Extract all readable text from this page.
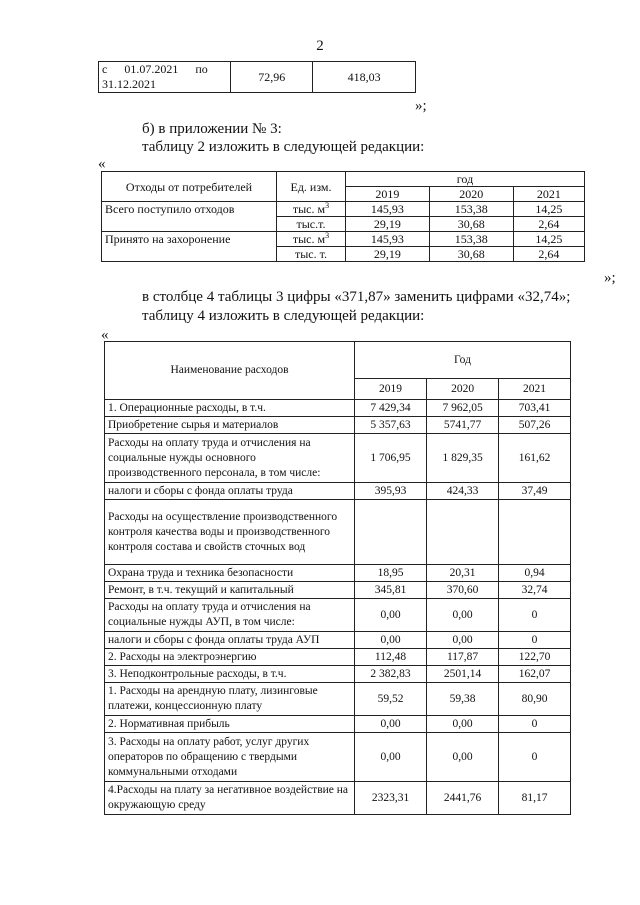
2
с 01.07.2021 по
31.12.2021
	72,96	418,03
»;
б) в приложении № 3:
таблицу 2 изложить в следующей редакции:
«
Отходы от потребителей	Ед. изм.	год		
		2019	2020	2021
Всего поступило отходов	тыс. $м^3$	145,93	153,38	14,25
	тыс.т.	29,19	30,68	2,64
Принято на захоронение	тыс. $м^3$	145,93	153,38	14,25
	тыс. т.	29,19	30,68	2,64
»;
в столбце 4 таблицы 3 цифры «371,87» заменить цифрами «32,74»;
таблицу 4 изложить в следующей редакции:
«
Наименование расходов	Год		
	2019	2020	2021
1. Операционные расходы, в т.ч.	7 429,34	7 962,05	703,41
Приобретение сырья и материалов	5 357,63	5741,77	507,26
Расходы на оплату труда и отчисления на социальные нужды основного производственного персонала, в том числе:	1 706,95	1 829,35	161,62
налоги и сборы с фонда оплаты труда	395,93	424,33	37,49
Расходы на осуществление производственного контроля качества воды и производственного контроля состава и свойств сточных вод			
Охрана труда и техника безопасности	18,95	20,31	0,94
Ремонт, в т.ч. текущий и капитальный	345,81	370,60	32,74
Расходы на оплату труда и отчисления на социальные нужды АУП, в том числе:	0,00	0,00	0
налоги и сборы с фонда оплаты труда АУП	0,00	0,00	0
2. Расходы на электроэнергию	112,48	117,87	122,70
3. Неподконтрольные расходы, в т.ч.	2 382,83	2501,14	162,07
1. Расходы на арендную плату, лизинговые платежи, концессионную плату	59,52	59,38	80,90
2. Нормативная прибыль	0,00	0,00	0
3. Расходы на оплату работ, услуг других операторов по обращению с твердыми коммунальными отходами	0,00	0,00	0
4.Расходы на плату за негативное воздействие на окружающую среду	2323,31	2441,76	81,17
